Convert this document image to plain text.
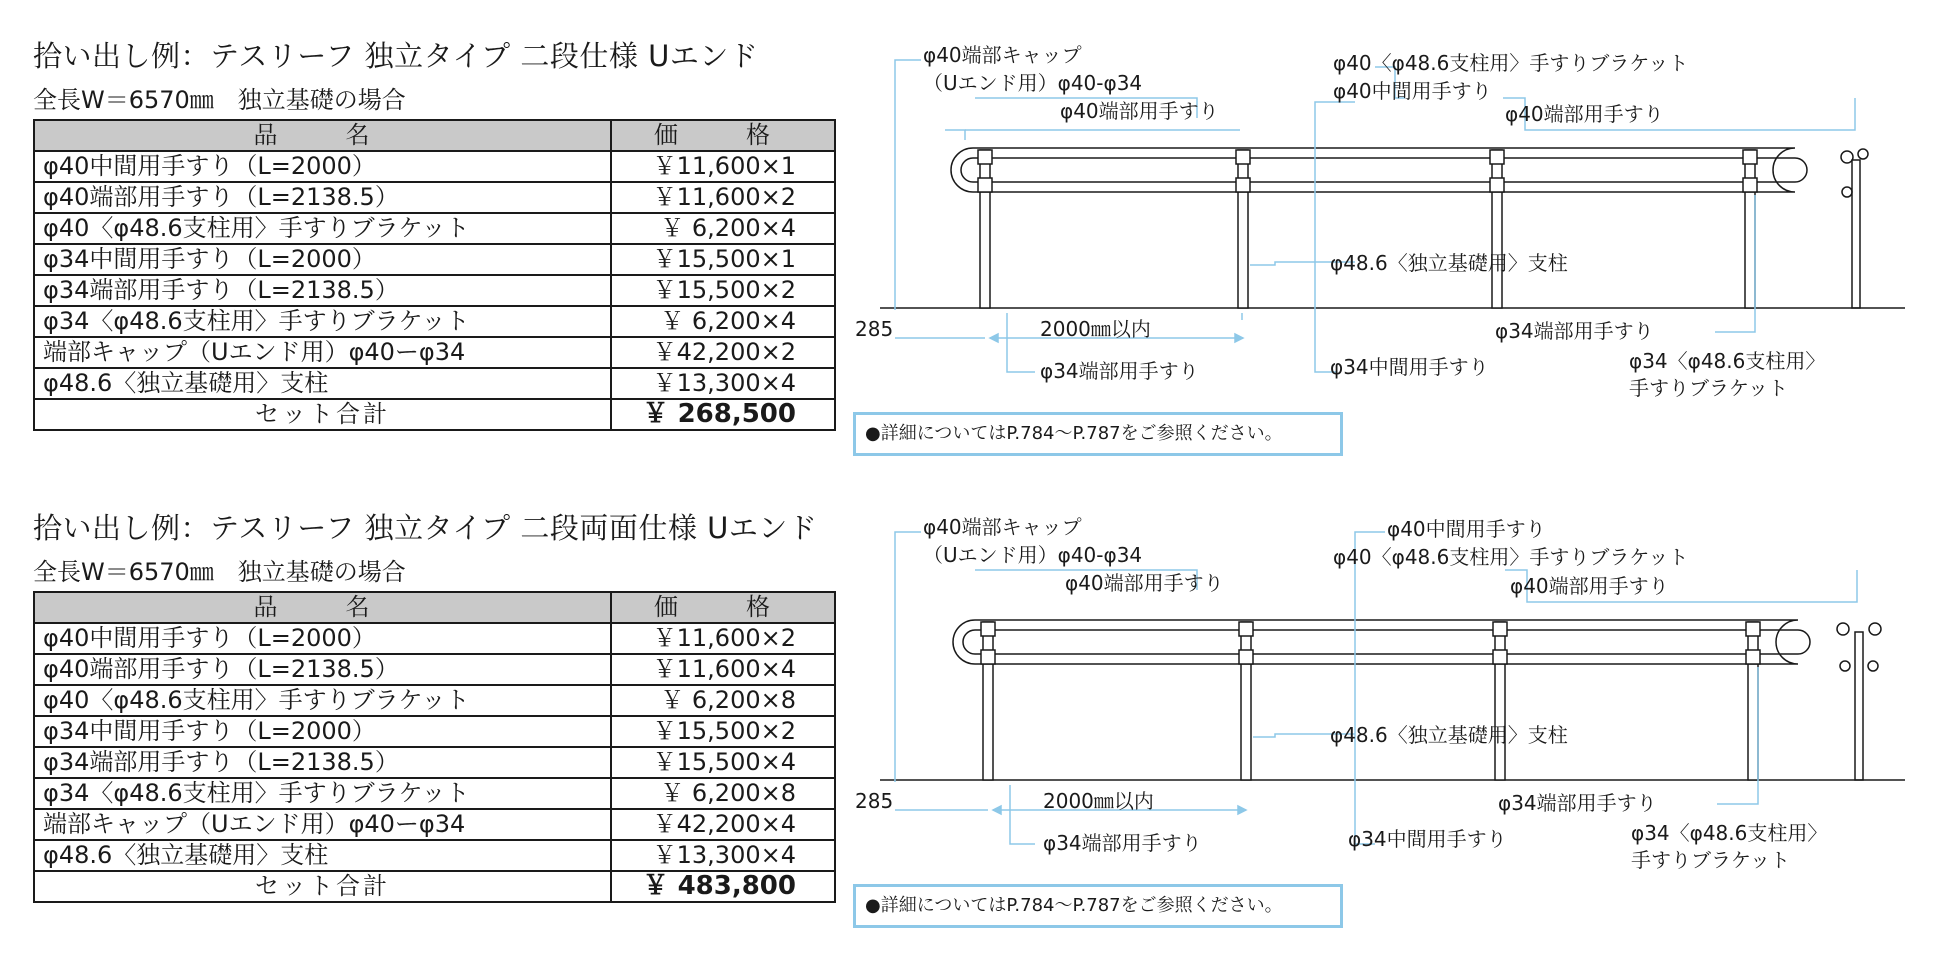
拾い出し例：テスリーフ 独立タイプ 二段仕様 Uエンド
全長W＝6570㎜　独立基礎の場合
品　名	価　格
φ40中間用手すり（L=2000）	￥11,600×1
φ40端部用手すり（L=2138.5）	￥11,600×2
φ40〈φ48.6支柱用〉手すりブラケット	￥ 6,200×4
φ34中間用手すり（L=2000）	￥15,500×1
φ34端部用手すり（L=2138.5）	￥15,500×2
φ34〈φ48.6支柱用〉手すりブラケット	￥ 6,200×4
端部キャップ（Uエンド用）φ40ーφ34	￥42,200×2
φ48.6〈独立基礎用〉支柱	￥13,300×4
セット合計	￥ 268,500
φ40端部キャップ
（Uエンド用）φ40-φ34
φ40端部用手すり
φ40〈φ48.6支柱用〉手すりブラケット
φ40中間用手すり
φ40端部用手すり
φ48.6〈独立基礎用〉支柱
285	2000㎜以内	φ34端部用手すり
φ34端部用手すり	φ34中間用手すり	φ34〈φ48.6支柱用〉
手すりブラケット
●詳細についてはP.784〜P.787をご参照ください。
拾い出し例：テスリーフ 独立タイプ 二段両面仕様 Uエンド
全長W＝6570㎜　独立基礎の場合
品　名	価　格
φ40中間用手すり（L=2000）	￥11,600×2
φ40端部用手すり（L=2138.5）	￥11,600×4
φ40〈φ48.6支柱用〉手すりブラケット	￥ 6,200×8
φ34中間用手すり（L=2000）	￥15,500×2
φ34端部用手すり（L=2138.5）	￥15,500×4
φ34〈φ48.6支柱用〉手すりブラケット	￥ 6,200×8
端部キャップ（Uエンド用）φ40ーφ34	￥42,200×4
φ48.6〈独立基礎用〉支柱	￥13,300×4
セット合計	￥ 483,800
φ40端部キャップ
（Uエンド用）φ40-φ34
φ40端部用手すり
φ40中間用手すり
φ40〈φ48.6支柱用〉手すりブラケット
φ40端部用手すり
φ48.6〈独立基礎用〉支柱
285	2000㎜以内	φ34端部用手すり
φ34端部用手すり	φ34中間用手すり	φ34〈φ48.6支柱用〉
手すりブラケット
●詳細についてはP.784〜P.787をご参照ください。
